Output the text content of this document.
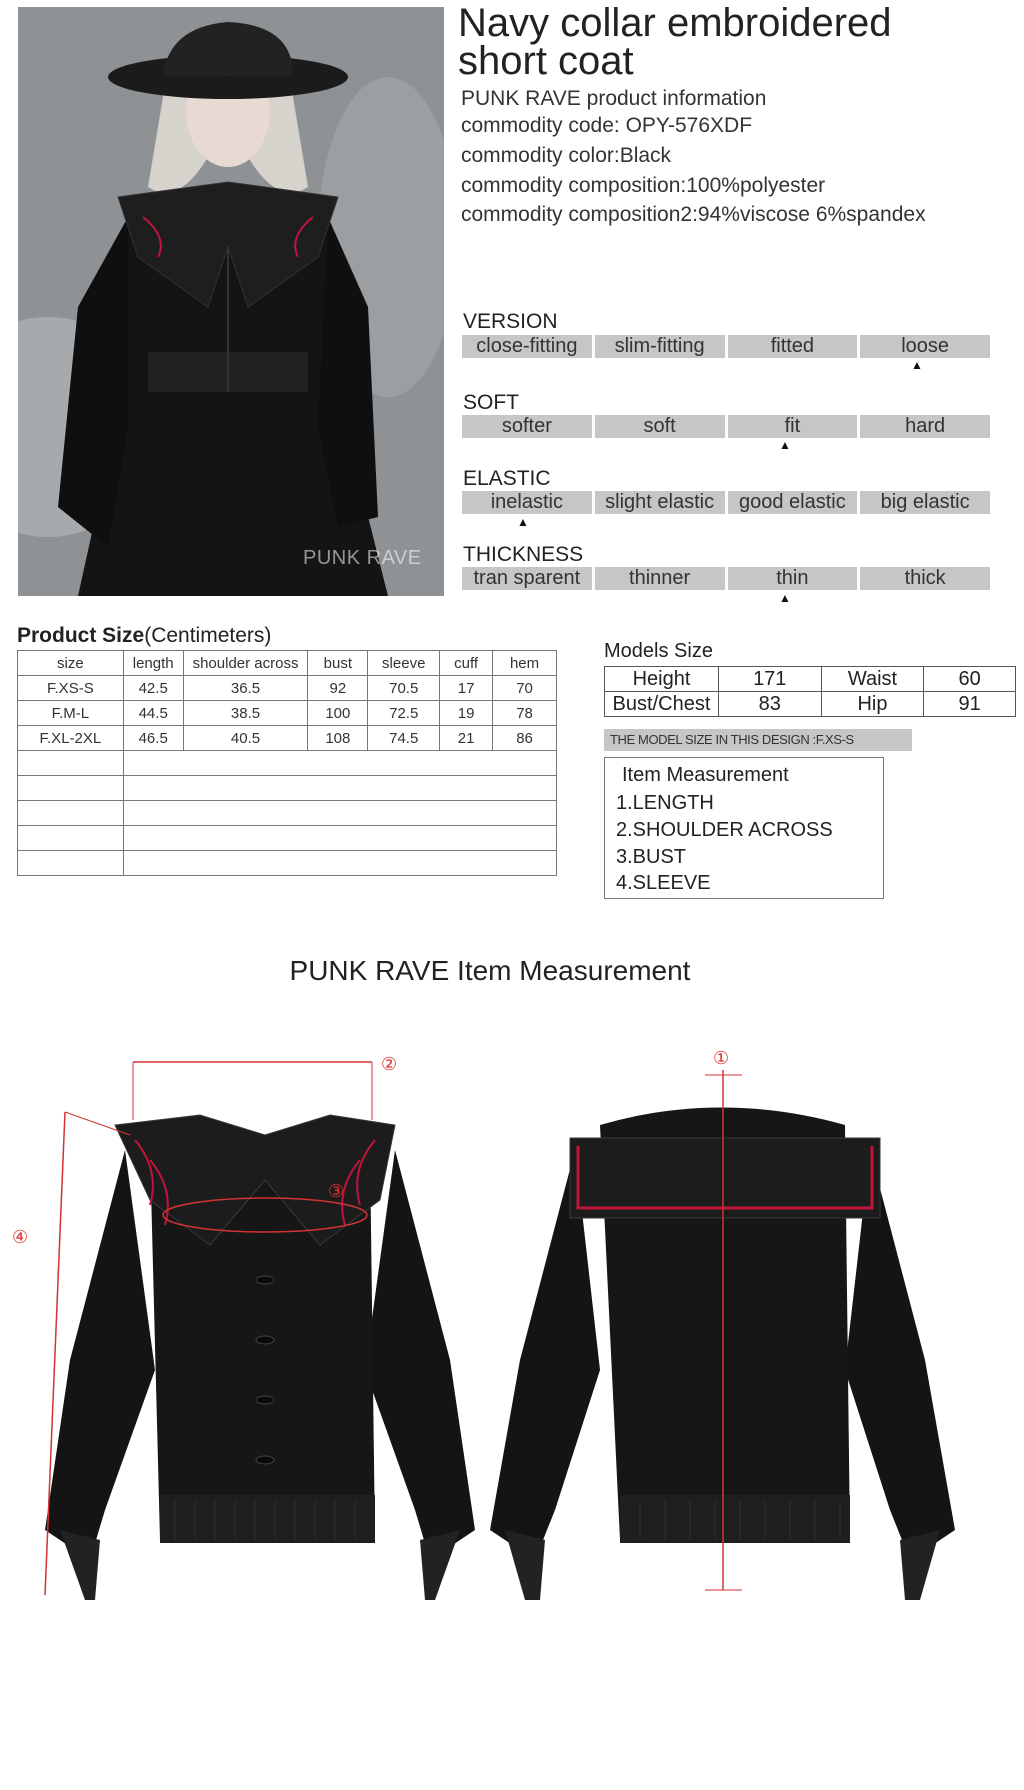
PUNK RAVE
Navy collar embroidered
short coat
PUNK RAVE product information
commodity code: OPY-576XDF
commodity color:Black
commodity composition:100%polyester
commodity composition2:94%viscose 6%spandex
VERSION
close-fitting	slim-fitting	fitted	loose
▲
SOFT
softer	soft	fit	hard
▲
ELASTIC
inelastic	slight elastic	good elastic	big elastic
▲
THICKNESS
tran sparent	thinner	thin	thick
▲
Product Size(Centimeters)
size	length	shoulder across	bust	sleeve	cuff	hem
F.XS-S	42.5	36.5	92	70.5	17	70
F.M-L	44.5	38.5	100	72.5	19	78
F.XL-2XL	46.5	40.5	108	74.5	21	86

Models Size
Height	171	Waist	60
Bust/Chest	83	Hip	91
THE MODEL SIZE IN THIS DESIGN :F.XS-S
Item Measurement
1.LENGTH
2.SHOULDER ACROSS
3.BUST
4.SLEEVE
PUNK RAVE Item Measurement
②
③
④
①
